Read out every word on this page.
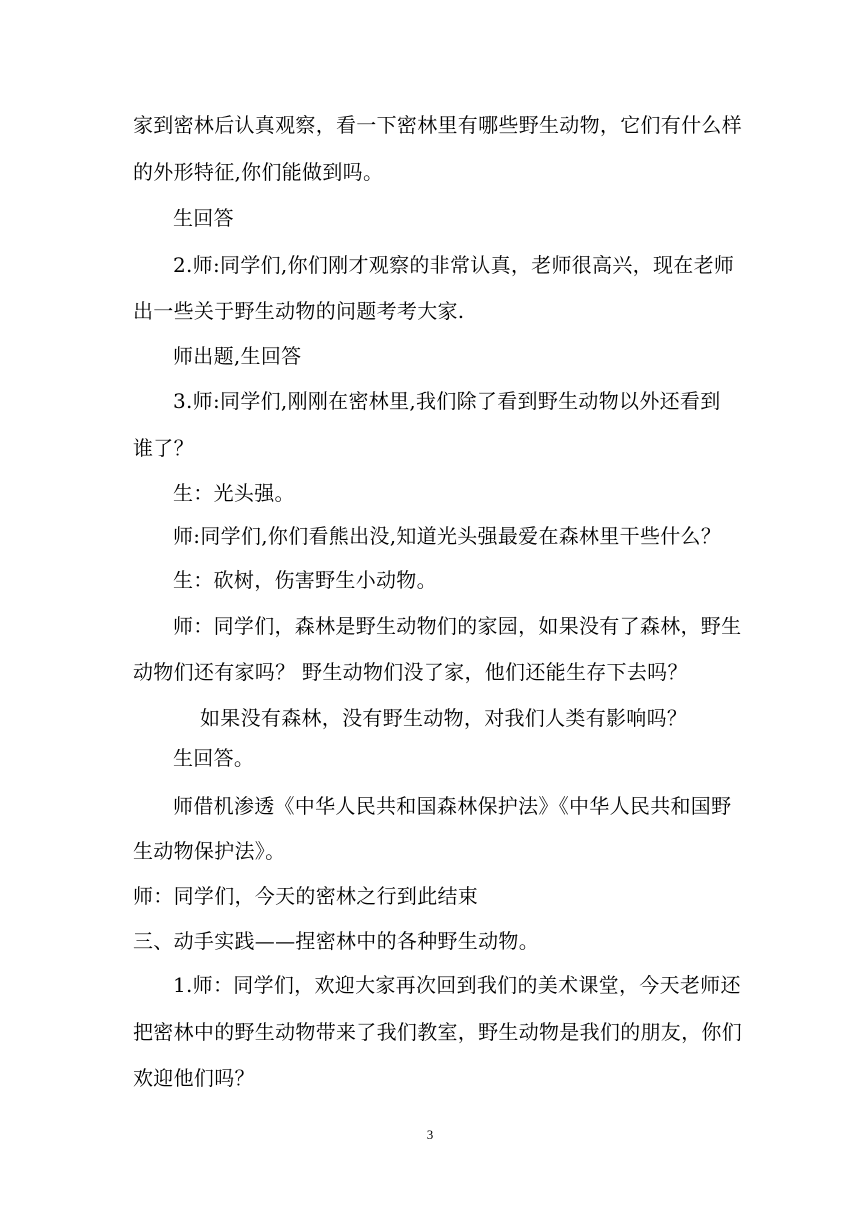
家到密林后认真观察，看一下密林里有哪些野生动物，它们有什么样
的外形特征,你们能做到吗。
生回答
2.师:同学们,你们刚才观察的非常认真，老师很高兴，现在老师
出一些关于野生动物的问题考考大家.
师出题,生回答
3.师:同学们,刚刚在密林里,我们除了看到野生动物以外还看到
谁了？
生：光头强。
师:同学们,你们看熊出没,知道光头强最爱在森林里干些什么？
生：砍树，伤害野生小动物。
师：同学们，森林是野生动物们的家园，如果没有了森林，野生
动物们还有家吗？ 野生动物们没了家，他们还能生存下去吗？
如果没有森林，没有野生动物，对我们人类有影响吗？
生回答。
师借机渗透《中华人民共和国森林保护法》《中华人民共和国野
生动物保护法》。
师：同学们，今天的密林之行到此结束
三、动手实践——捏密林中的各种野生动物。
1.师：同学们，欢迎大家再次回到我们的美术课堂，今天老师还
把密林中的野生动物带来了我们教室，野生动物是我们的朋友，你们
欢迎他们吗？
3
